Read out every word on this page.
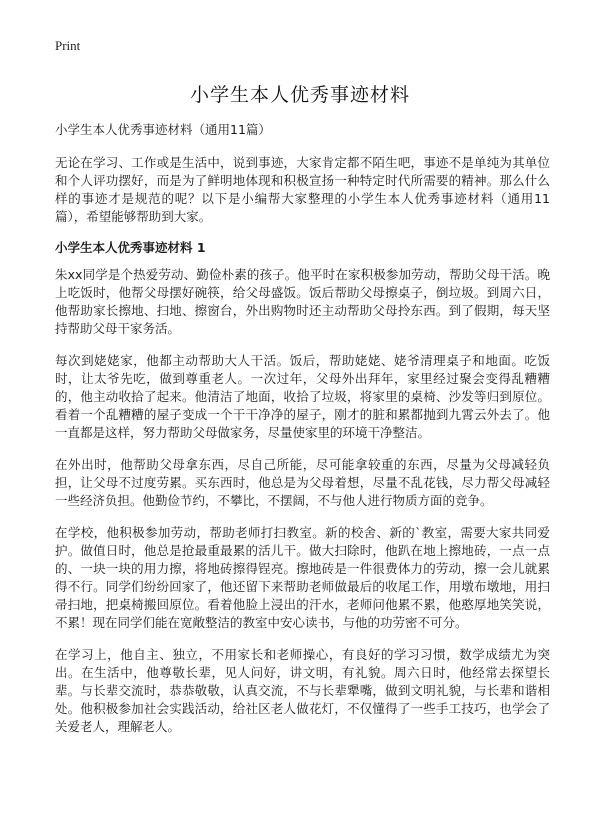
Print
小学生本人优秀事迹材料

小学生本人优秀事迹材料（通用11篇）

无论在学习、工作或是生活中，说到事迹，大家肯定都不陌生吧，事迹不是单纯为其单位和个人评功摆好，而是为了鲜明地体现和积极宣扬一种特定时代所需要的精神。那么什么样的事迹才是规范的呢？以下是小编帮大家整理的小学生本人优秀事迹材料（通用11篇），希望能够帮助到大家。

小学生本人优秀事迹材料 1

朱xx同学是个热爱劳动、勤俭朴素的孩子。他平时在家积极参加劳动，帮助父母干活。晚上吃饭时，他帮父母摆好碗筷，给父母盛饭。饭后帮助父母擦桌子，倒垃圾。到周六日，他帮助家长擦地、扫地、擦窗台，外出购物时还主动帮助父母拎东西。到了假期，每天坚持帮助父母干家务活。

每次到姥姥家，他都主动帮助大人干活。饭后，帮助姥姥、姥爷清理桌子和地面。吃饭时，让太爷先吃，做到尊重老人。一次过年，父母外出拜年，家里经过聚会变得乱糟糟的，他主动收拾了起来。他清洁了地面，收拾了垃圾，将家里的桌椅、沙发等归到原位。看着一个乱糟糟的屋子变成一个干干净净的屋子，刚才的脏和累都抛到九霄云外去了。他一直都是这样，努力帮助父母做家务，尽量使家里的环境干净整洁。

在外出时，他帮助父母拿东西，尽自己所能，尽可能拿较重的东西，尽量为父母减轻负担，让父母不过度劳累。买东西时，他总是为父母着想，尽量不乱花钱，尽力帮父母减轻一些经济负担。他勤俭节约，不攀比，不摆阔，不与他人进行物质方面的竞争。

在学校，他积极参加劳动，帮助老师打扫教室。新的校舍、新的`教室，需要大家共同爱护。做值日时，他总是抢最重最累的活儿干。做大扫除时，他趴在地上擦地砖，一点一点的、一块一块的用力擦，将地砖擦得锃亮。擦地砖是一件很费体力的劳动，擦一会儿就累得不行。同学们纷纷回家了，他还留下来帮助老师做最后的收尾工作，用墩布墩地，用扫帚扫地，把桌椅搬回原位。看着他脸上浸出的汗水，老师问他累不累，他憨厚地笑笑说，不累！现在同学们能在宽敞整洁的教室中安心读书，与他的功劳密不可分。

在学习上，他自主、独立，不用家长和老师操心，有良好的学习习惯，数学成绩尤为突出。在生活中，他尊敬长辈，见人问好，讲文明，有礼貌。周六日时，他经常去探望长辈。与长辈交流时，恭恭敬敬，认真交流，不与长辈犟嘴，做到文明礼貌，与长辈和谐相处。他积极参加社会实践活动，给社区老人做花灯，不仅懂得了一些手工技巧，也学会了关爱老人，理解老人。
